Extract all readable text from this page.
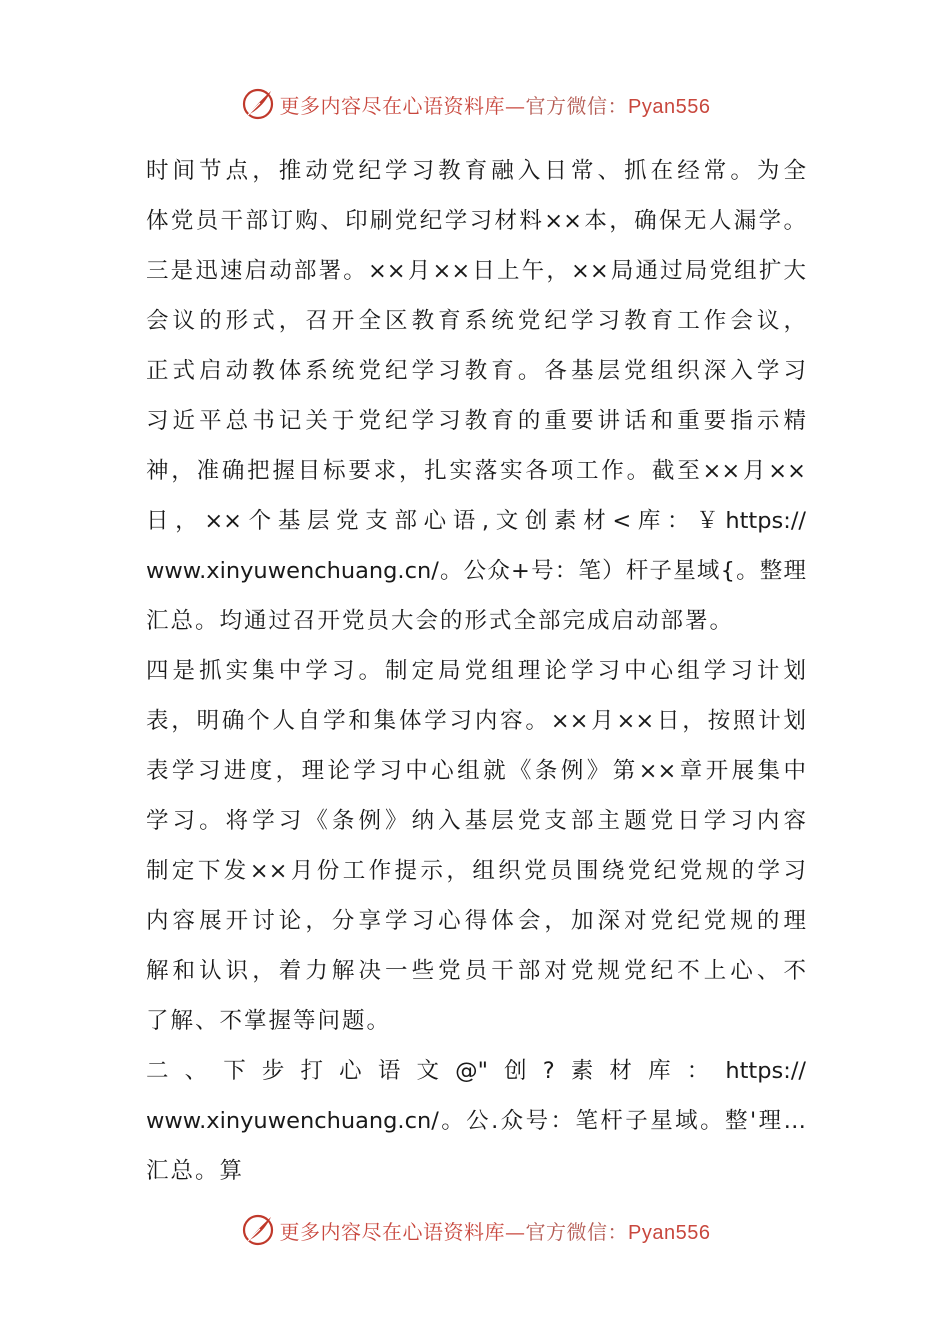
更多内容尽在心语资料库—官方微信：Pyan556
时间节点，推动党纪学习教育融入日常、抓在经常。为全
体党员干部订购、印刷党纪学习材料××本，确保无人漏学。
三是迅速启动部署。××月××日上午，××局通过局党组扩大
会议的形式，召开全区教育系统党纪学习教育工作会议，
正式启动教体系统党纪学习教育。各基层党组织深入学习
习近平总书记关于党纪学习教育的重要讲话和重要指示精
神，准确把握目标要求，扎实落实各项工作。截至××月××
日，××个基层党支部心语,文创素材<库：￥https://
www.xinyuwenchuang.cn/。公众+号：笔）杆子星域{。整理
汇总。均通过召开党员大会的形式全部完成启动部署。
四是抓实集中学习。制定局党组理论学习中心组学习计划
表，明确个人自学和集体学习内容。××月××日，按照计划
表学习进度，理论学习中心组就《条例》第××章开展集中
学习。将学习《条例》纳入基层党支部主题党日学习内容
制定下发××月份工作提示，组织党员围绕党纪党规的学习
内容展开讨论，分享学习心得体会，加深对党纪党规的理
解和认识，着力解决一些党员干部对党规党纪不上心、不
了解、不掌握等问题。
二、下步打心语文@"创?素材库：https://
www.xinyuwenchuang.cn/。公.众号：笔杆子星域。整'理…
汇总。算
更多内容尽在心语资料库—官方微信：Pyan556
